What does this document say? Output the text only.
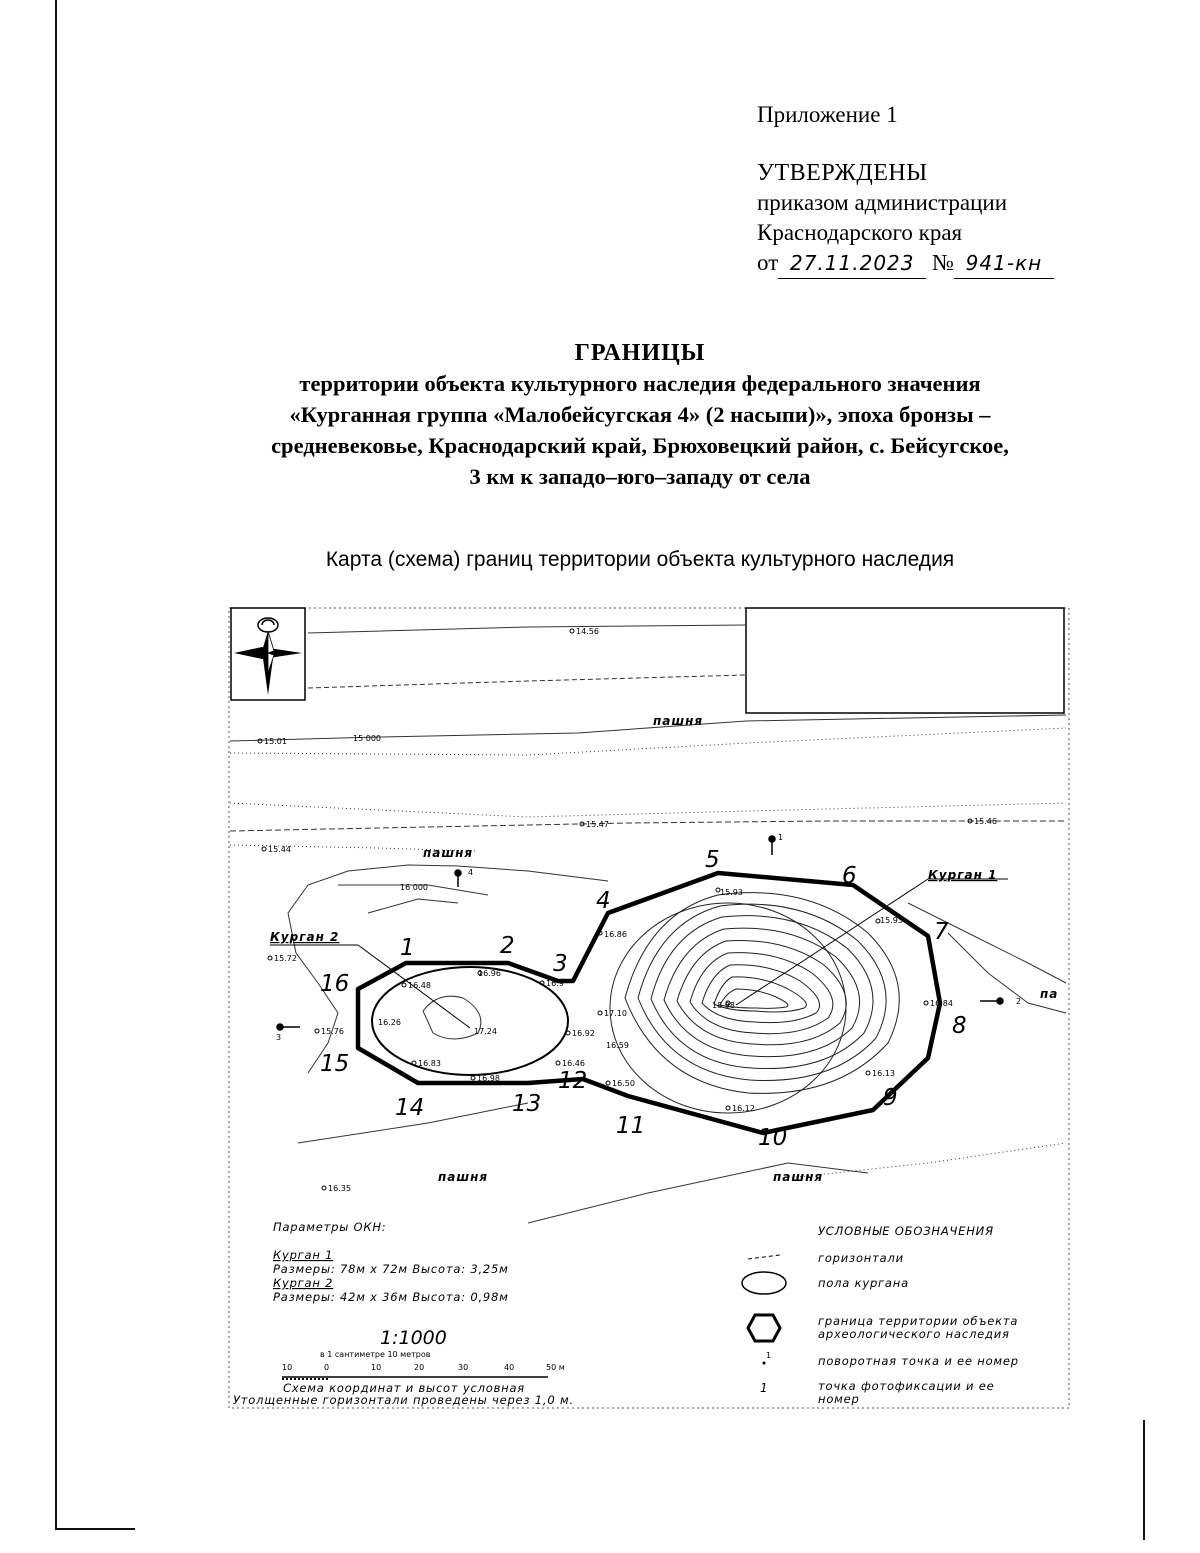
Приложение 1
УТВЕРЖДЕНЫ
приказом администрации
Краснодарского края
от 27.11.2023 № 941-кн
ГРАНИЦЫ
территории объекта культурного наследия федерального значения
«Курганная группа «Малобейсугская 4» (2 насыпи)», эпоха бронзы –
средневековье, Краснодарский край, Брюховецкий район, с. Бейсугское,
3 км к западо–юго–западу от села
Карта (схема) границ территории объекта культурного наследия
1
2
3
4
пашня
пашня
пашня	пашня
па
Курган 1
Курган 2
15 000
16 000
14.56
15.01
15.47	15.46
15.44
15.72
15.76
16.35
15.93
15.93
16.96
16.48
16.86
16.9
17.24
17.10
16.26
16.92
16.83
16.98
16.46
16.50
16.12
16.13
16.84
16.59
18.98
1	2
3
4
5
6
7
8
9
10
11
12
13
14
15
16
Параметры ОКН:
Курган 1
Размеры: 78м х 72м Высота: 3,25м
Курган 2
Размеры: 42м х 36м Высота: 0,98м
1:1000
в 1 сантиметре 10 метров
10	0	10	20	30	40	50 м
Схема координат и высот условная
Утолщенные горизонтали проведены через 1,0 м.
УСЛОВНЫЕ ОБОЗНАЧЕНИЯ
горизонтали
пола кургана
граница территории объекта
археологического наследия
1	поворотная точка и ее номер
1	точка фотофиксации и ее
номер
